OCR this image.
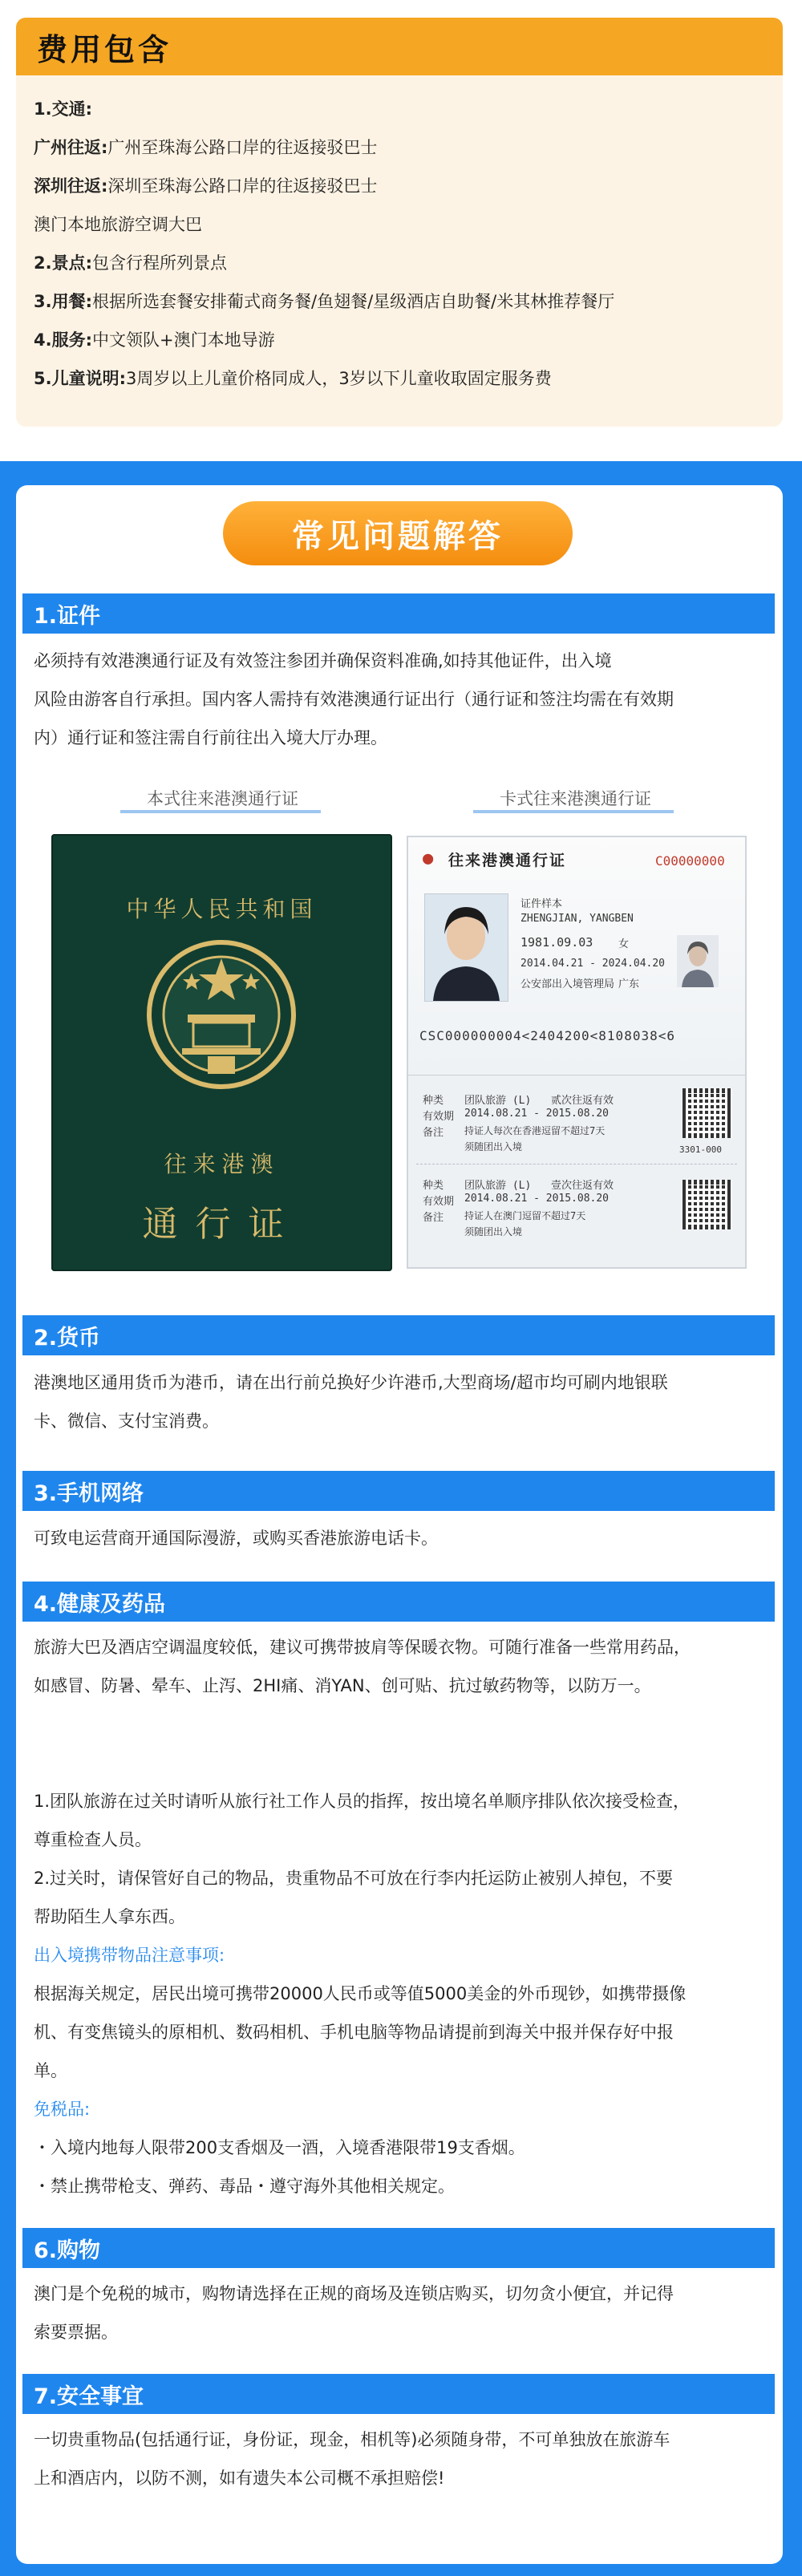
费用包含
1.交通:
广州往返:广州至珠海公路口岸的往返接驳巴士
深圳往返:深圳至珠海公路口岸的往返接驳巴士
澳门本地旅游空调大巴
2.景点:包含行程所列景点
3.用餐:根据所选套餐安排葡式商务餐/鱼翅餐/星级酒店自助餐/米其林推荐餐厅
4.服务:中文领队+澳门本地导游
5.儿童说明:3周岁以上儿童价格同成人，3岁以下儿童收取固定服务费
常见问题解答
1.证件
必须持有效港澳通行证及有效签注参团并确保资料准确,如持其他证件，出入境
风险由游客自行承担。国内客人需持有效港澳通行证出行（通行证和签注均需在有效期
内）通行证和签注需自行前往出入境大厅办理。
本式往来港澳通行证	卡式往来港澳通行证
中华人民共和国
往来港澳
通行证
● 往来港澳通行证	C00000000
证件样本
ZHENGJIAN, YANGBEN
1981.09.03 女
2014.04.21 - 2024.04.20
公安部出入境管理局 广东
CSC000000004<2404200<8108038<6
种类 团队旅游 (L) 贰次往返有效
有效期 2014.08.21 - 2015.08.20
备注 持证人每次在香港逗留不超过7天
须随团出入境	3301-000
种类 团队旅游 (L) 壹次往返有效
有效期 2014.08.21 - 2015.08.20
备注 持证人在澳门逗留不超过7天
须随团出入境
2.货币
港澳地区通用货币为港币，请在出行前兑换好少许港币,大型商场/超市均可刷内地银联
卡、微信、支付宝消费。
3.手机网络
可致电运营商开通国际漫游，或购买香港旅游电话卡。
4.健康及药品
旅游大巴及酒店空调温度较低，建议可携带披肩等保暖衣物。可随行准备一些常用药品，
如感冒、防暑、晕车、止泻、2HI痛、消YAN、创可贴、抗过敏药物等，以防万一。
1.团队旅游在过关时请听从旅行社工作人员的指挥，按出境名单顺序排队依次接受检查，
尊重检查人员。
2.过关时，请保管好自己的物品，贵重物品不可放在行李内托运防止被别人掉包，不要
帮助陌生人拿东西。
出入境携带物品注意事项:
根据海关规定，居民出境可携带20000人民币或等值5000美金的外币现钞，如携带摄像
机、有变焦镜头的原相机、数码相机、手机电脑等物品请提前到海关中报并保存好中报
单。
免税品:
・入境内地每人限带200支香烟及一酒，入境香港限带19支香烟。
・禁止携带枪支、弹药、毒品・遵守海外其他相关规定。
6.购物
澳门是个免税的城市，购物请选择在正规的商场及连锁店购买，切勿贪小便宜，并记得
索要票据。
7.安全事宜
一切贵重物品(包括通行证，身份证，现金，相机等)必须随身带，不可单独放在旅游车
上和酒店内，以防不测，如有遗失本公司概不承担赔偿!
